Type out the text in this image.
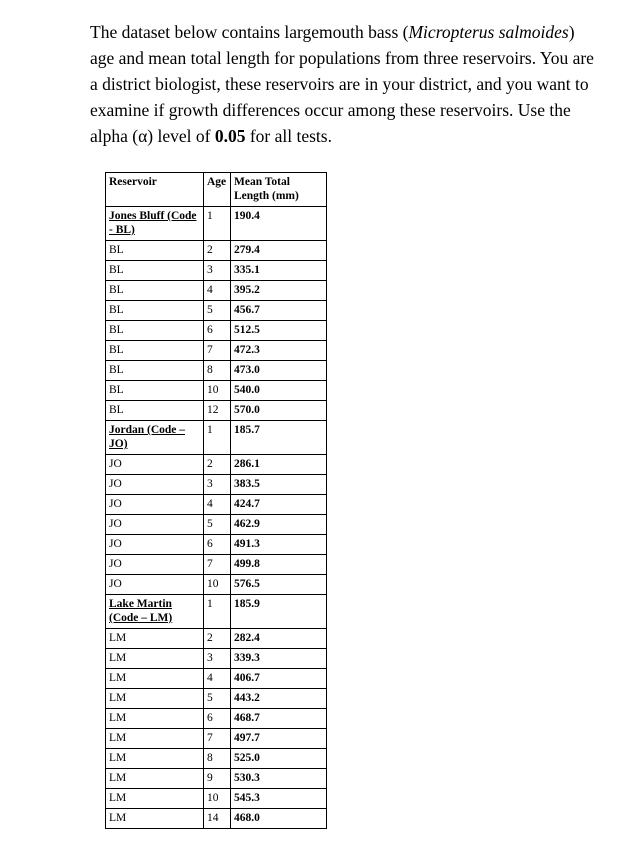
The dataset below contains largemouth bass (Micropterus salmoides) age and mean total length for populations from three reservoirs. You are a district biologist, these reservoirs are in your district, and you want to examine if growth differences occur among these reservoirs. Use the alpha (α) level of 0.05 for all tests.

Reservoir	Age	Mean Total Length (mm)
Jones Bluff (Code - BL)	1	190.4
BL	2	279.4
BL	3	335.1
BL	4	395.2
BL	5	456.7
BL	6	512.5
BL	7	472.3
BL	8	473.0
BL	10	540.0
BL	12	570.0
Jordan (Code – JO)	1	185.7
JO	2	286.1
JO	3	383.5
JO	4	424.7
JO	5	462.9
JO	6	491.3
JO	7	499.8
JO	10	576.5
Lake Martin (Code – LM)	1	185.9
LM	2	282.4
LM	3	339.3
LM	4	406.7
LM	5	443.2
LM	6	468.7
LM	7	497.7
LM	8	525.0
LM	9	530.3
LM	10	545.3
LM	14	468.0
